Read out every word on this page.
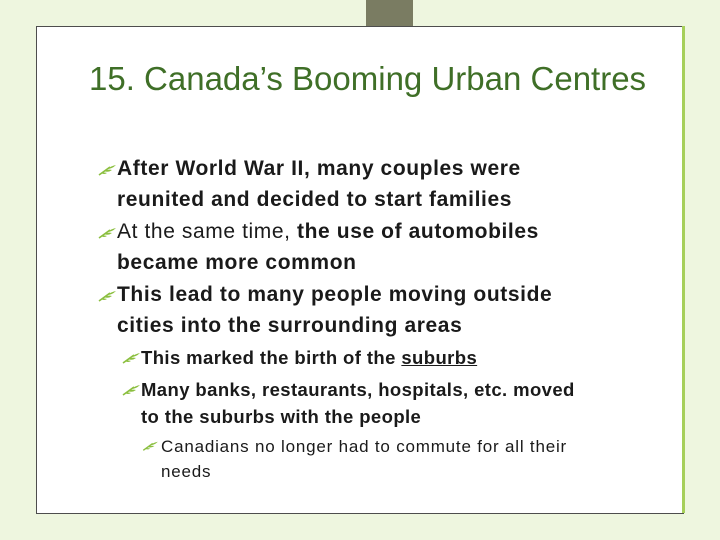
15. Canada’s Booming Urban Centres
After World War II, many couples were reunited and decided to start families
At the same time, the use of automobiles became more common
This lead to many people moving outside cities into the surrounding areas
This marked the birth of the suburbs
Many banks, restaurants, hospitals, etc. moved to the suburbs with the people
Canadians no longer had to commute for all their needs
